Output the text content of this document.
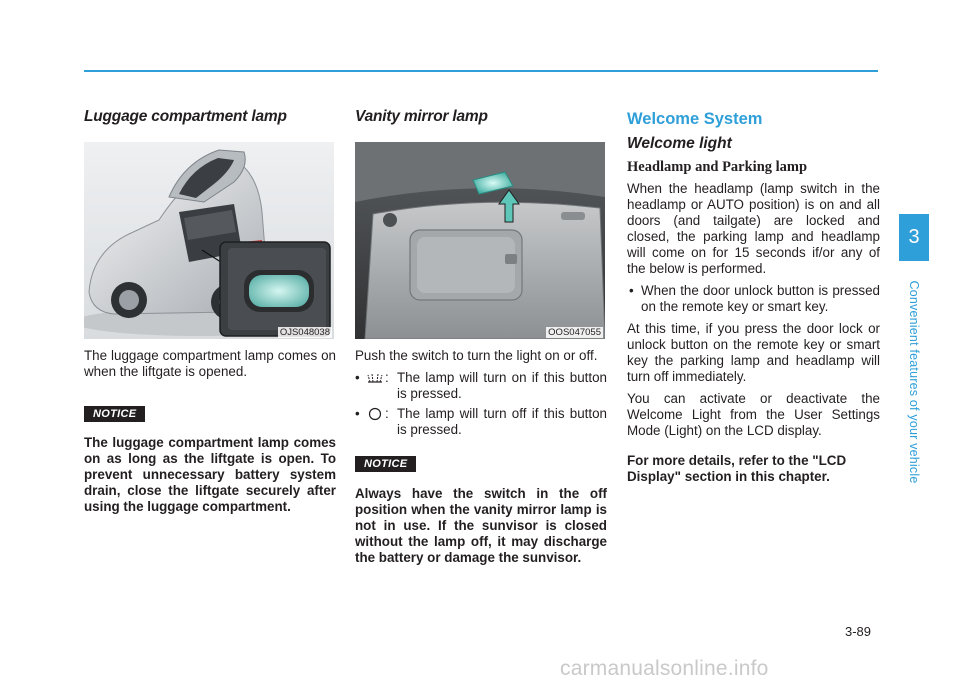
Luggage compartment lamp
OJS048038

The luggage compartment lamp comes on when the liftgate is opened.

NOTICE

The luggage compartment lamp comes on as long as the liftgate is open. To prevent unnecessary battery system drain, close the liftgate securely after using the luggage compartment.

Vanity mirror lamp
OOS047055

Push the switch to turn the light on or off.

•	: The lamp will turn on if this button is pressed.
•	: The lamp will turn off if this button is pressed.
NOTICE

Always have the switch in the off position when the vanity mirror lamp is not in use. If the sunvisor is closed without the lamp off, it may discharge the battery or damage the sunvisor.

Welcome System
Welcome light
Headlamp and Parking lamp

When the headlamp (lamp switch in the headlamp or AUTO position) is on and all doors (and tailgate) are locked and closed, the parking lamp and headlamp will come on for 15 seconds if/or any of the below is performed.

• When the door unlock button is pressed on the remote key or smart key.

At this time, if you press the door lock or unlock button on the remote key or smart key the parking lamp and headlamp will turn off immediately.

You can activate or deactivate the Welcome Light from the User Settings Mode (Light) on the LCD display.

For more details, refer to the "LCD Display" section in this chapter.

3
Convenient features of your vehicle
3-89
carmanualsonline.info
